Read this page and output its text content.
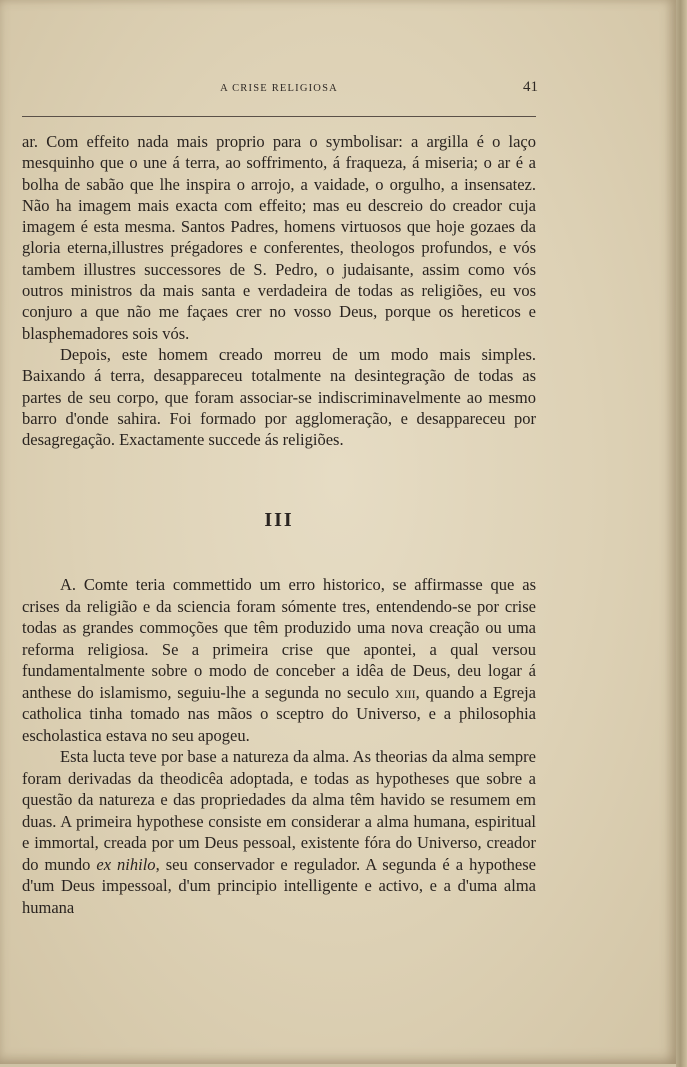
A CRISE RELIGIOSA	41

ar. Com effeito nada mais proprio para o symbolisar: a argilla é o laço mesquinho que o une á terra, ao soffrimento, á fraqueza, á miseria; o ar é a bolha de sabão que lhe inspira o arrojo, a vaidade, o orgulho, a insensatez. Não ha imagem mais exacta com effeito; mas eu descreio do creador cuja imagem é esta mesma. Santos Padres, homens virtuosos que hoje gozaes da gloria eterna,illustres prégadores e conferentes, theologos profundos, e vós tambem illustres successores de S. Pedro, o judaisante, assim como vós outros ministros da mais santa e verdadeira de todas as religiões, eu vos conjuro a que não me façaes crer no vosso Deus, porque os hereticos e blasphemadores sois vós.

Depois, este homem creado morreu de um modo mais simples. Baixando á terra, desappareceu totalmente na desintegração de todas as partes de seu corpo, que foram associar-se indiscriminavelmente ao mesmo barro d'onde sahira. Foi formado por agglomeração, e desappareceu por desagregação. Exactamente succede ás religiões.

III

A. Comte teria commettido um erro historico, se affirmasse que as crises da religião e da sciencia foram sómente tres, entendendo-se por crise todas as grandes commoções que têm produzido uma nova creação ou uma reforma religiosa. Se a primeira crise que apontei, a qual versou fundamentalmente sobre o modo de conceber a idêa de Deus, deu logar á anthese do islamismo, seguiu-lhe a segunda no seculo xiii, quando a Egreja catholica tinha tomado nas mãos o sceptro do Universo, e a philosophia escholastica estava no seu apogeu.

Esta lucta teve por base a natureza da alma. As theorias da alma sempre foram derivadas da theodicêa adoptada, e todas as hypotheses que sobre a questão da natureza e das propriedades da alma têm havido se resumem em duas. A primeira hypothese consiste em considerar a alma humana, espiritual e immortal, creada por um Deus pessoal, existente fóra do Universo, creador do mundo ex nihilo, seu conservador e regulador. A segunda é a hypothese d'um Deus impessoal, d'um principio intelligente e activo, e a d'uma alma humana
